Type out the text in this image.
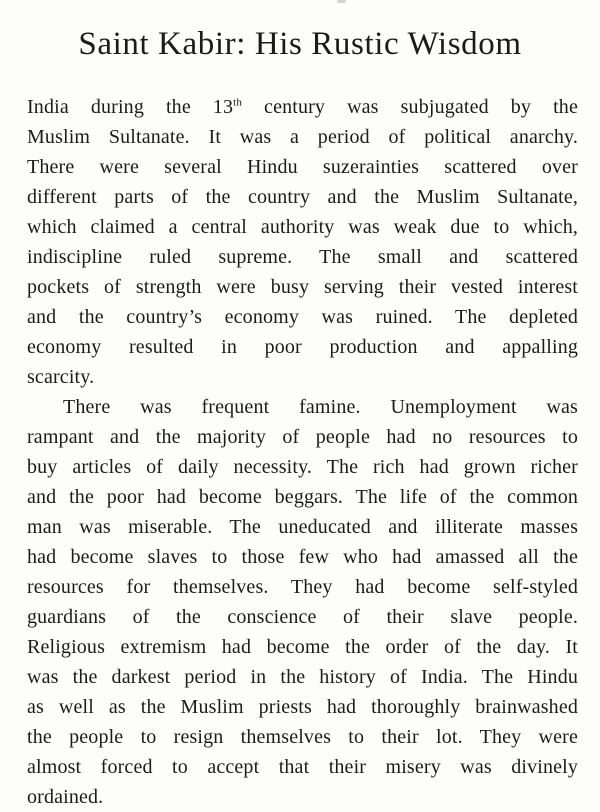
Saint Kabir: His Rustic Wisdom
India during the 13th century was subjugated by the
Muslim Sultanate. It was a period of political anarchy.
There were several Hindu suzerainties scattered over
different parts of the country and the Muslim Sultanate,
which claimed a central authority was weak due to which,
indiscipline ruled supreme. The small and scattered
pockets of strength were busy serving their vested interest
and the country’s economy was ruined. The depleted
economy resulted in poor production and appalling
scarcity.
There was frequent famine. Unemployment was
rampant and the majority of people had no resources to
buy articles of daily necessity. The rich had grown richer
and the poor had become beggars. The life of the common
man was miserable. The uneducated and illiterate masses
had become slaves to those few who had amassed all the
resources for themselves. They had become self-styled
guardians of the conscience of their slave people.
Religious extremism had become the order of the day. It
was the darkest period in the history of India. The Hindu
as well as the Muslim priests had thoroughly brainwashed
the people to resign themselves to their lot. They were
almost forced to accept that their misery was divinely
ordained.
